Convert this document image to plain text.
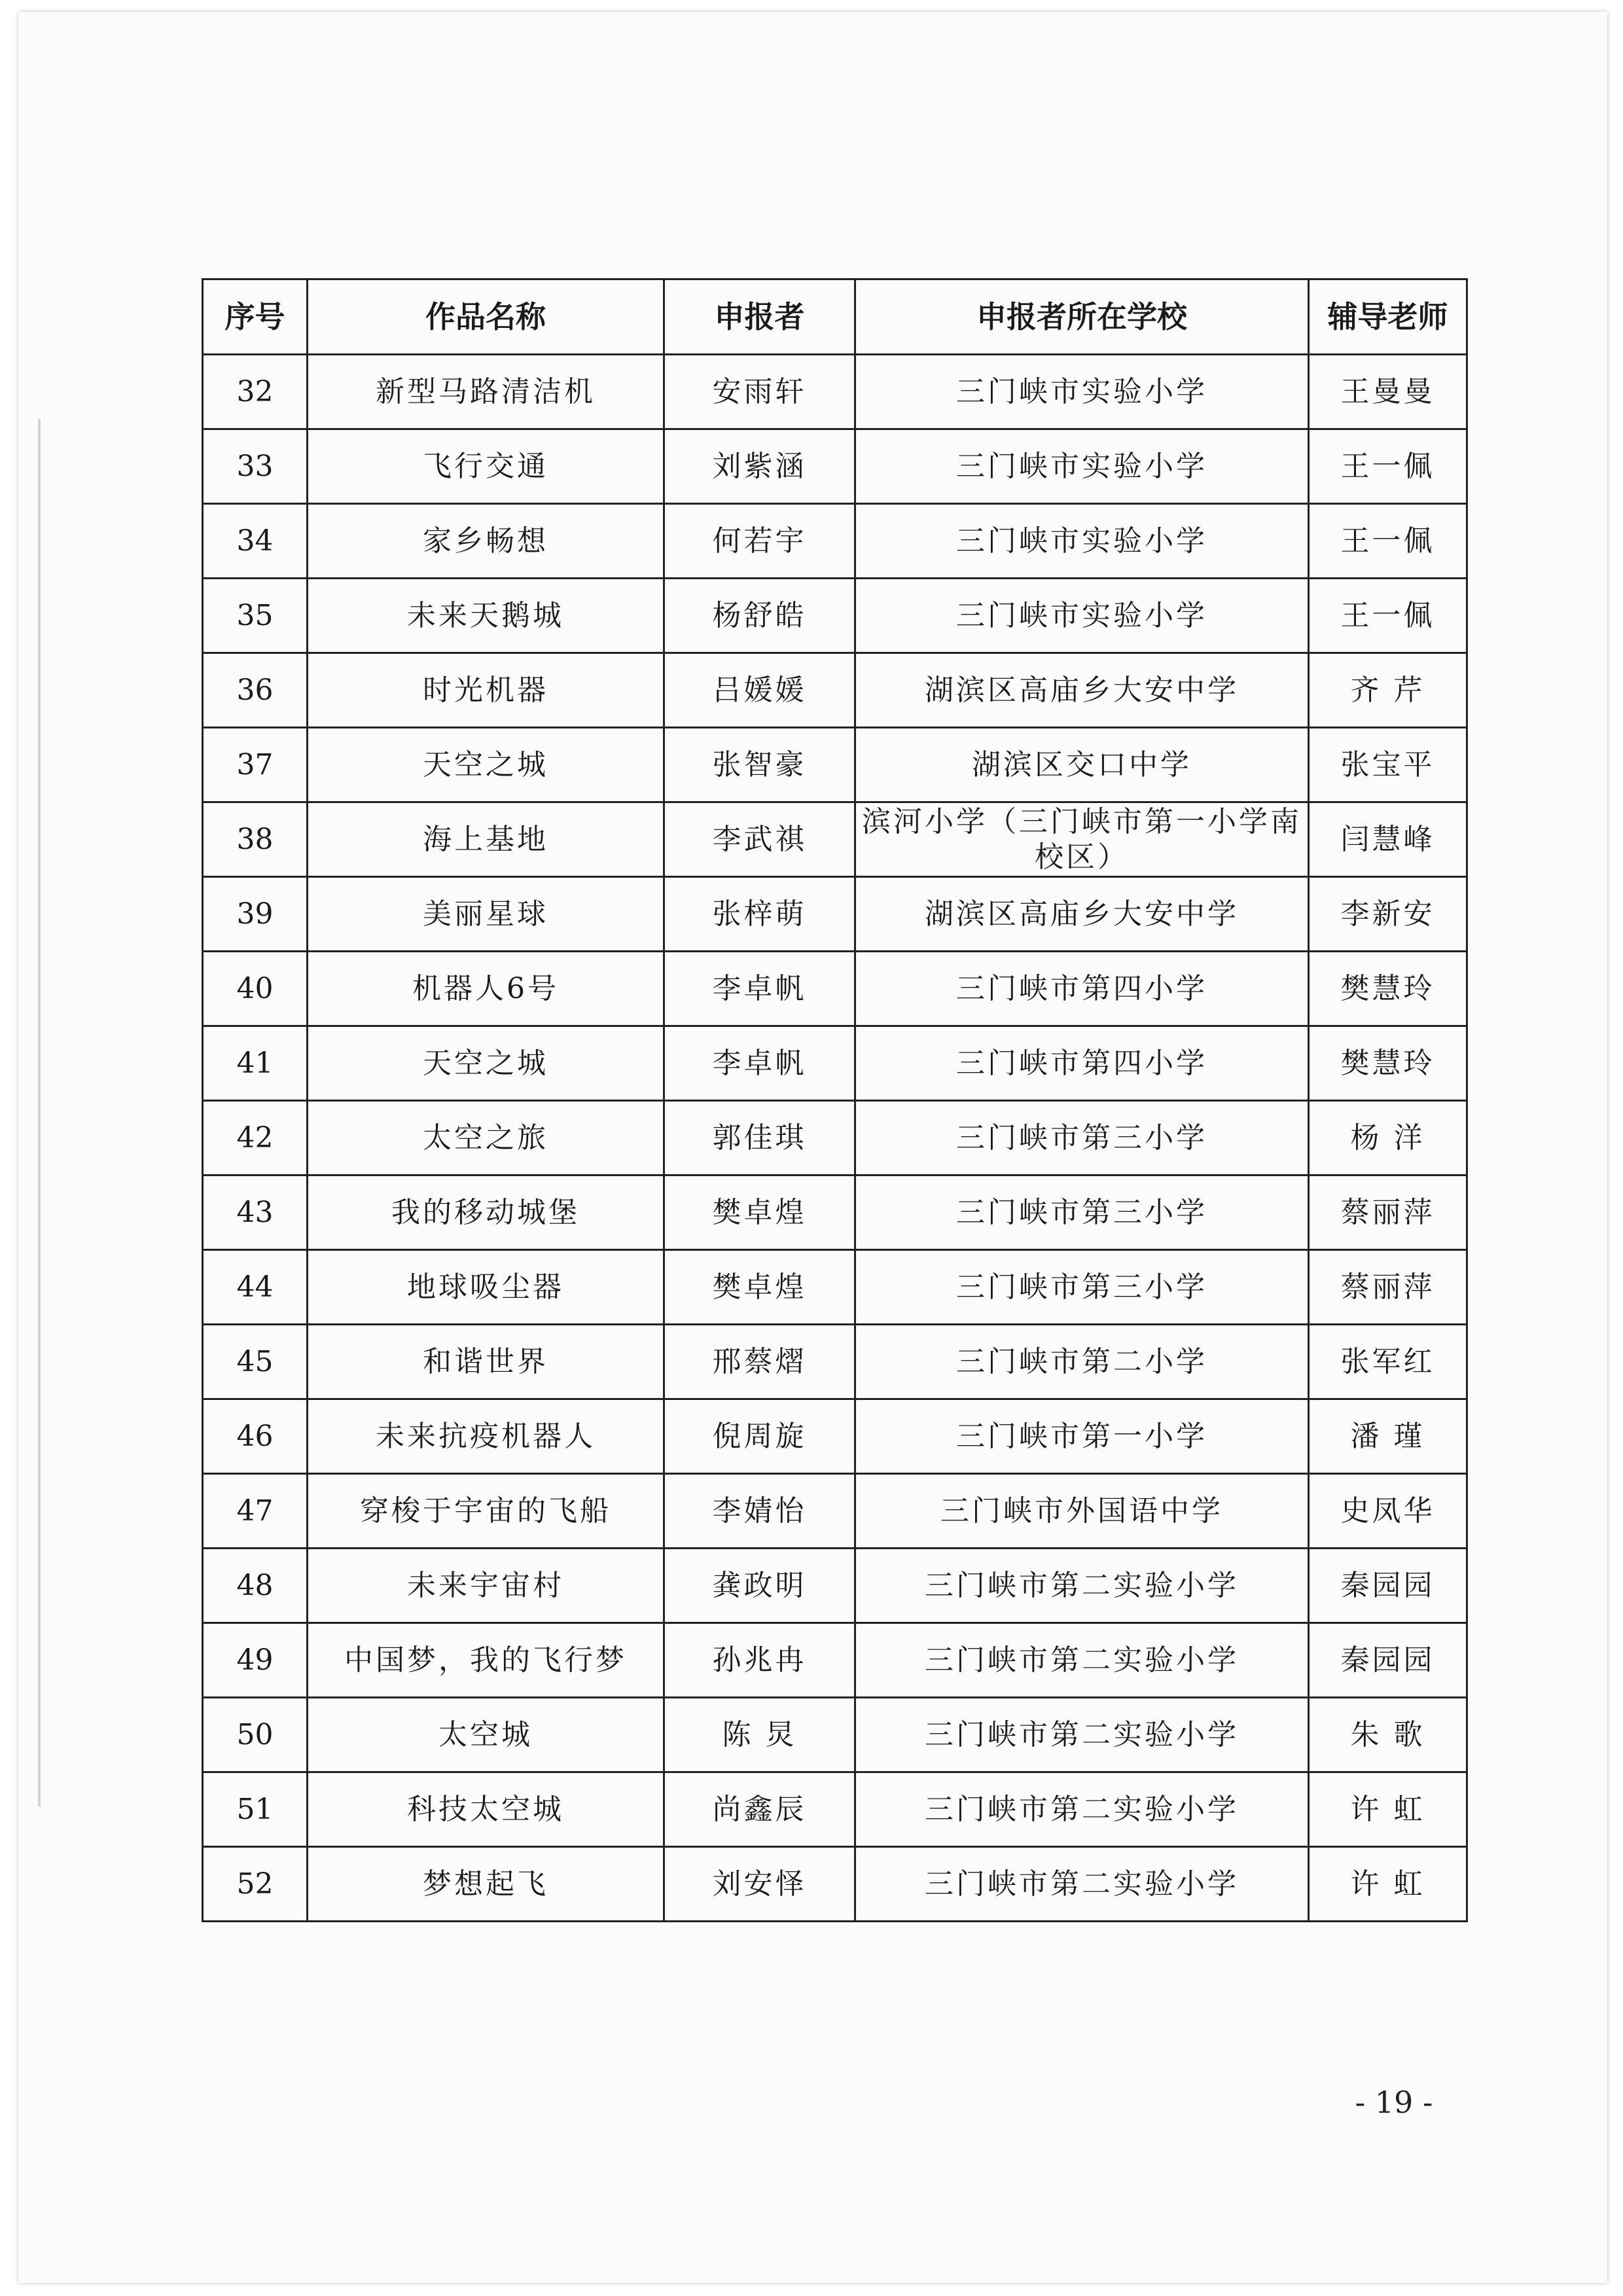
序号	作品名称	申报者	申报者所在学校	辅导老师
32	新型马路清洁机	安雨轩	三门峡市实验小学	王曼曼
33	飞行交通	刘紫涵	三门峡市实验小学	王一佩
34	家乡畅想	何若宇	三门峡市实验小学	王一佩
35	未来天鹅城	杨舒皓	三门峡市实验小学	王一佩
36	时光机器	吕媛媛	湖滨区高庙乡大安中学	齐 芹
37	天空之城	张智豪	湖滨区交口中学	张宝平
38	海上基地	李武祺	滨河小学（三门峡市第一小学南校区）	闫慧峰
39	美丽星球	张梓萌	湖滨区高庙乡大安中学	李新安
40	机器人6号	李卓帆	三门峡市第四小学	樊慧玲
41	天空之城	李卓帆	三门峡市第四小学	樊慧玲
42	太空之旅	郭佳琪	三门峡市第三小学	杨 洋
43	我的移动城堡	樊卓煌	三门峡市第三小学	蔡丽萍
44	地球吸尘器	樊卓煌	三门峡市第三小学	蔡丽萍
45	和谐世界	邢蔡熠	三门峡市第二小学	张军红
46	未来抗疫机器人	倪周旋	三门峡市第一小学	潘 瑾
47	穿梭于宇宙的飞船	李婧怡	三门峡市外国语中学	史凤华
48	未来宇宙村	龚政明	三门峡市第二实验小学	秦园园
49	中国梦，我的飞行梦	孙兆冉	三门峡市第二实验小学	秦园园
50	太空城	陈 炅	三门峡市第二实验小学	朱 歌
51	科技太空城	尚鑫辰	三门峡市第二实验小学	许 虹
52	梦想起飞	刘安怿	三门峡市第二实验小学	许 虹
- 19 -
